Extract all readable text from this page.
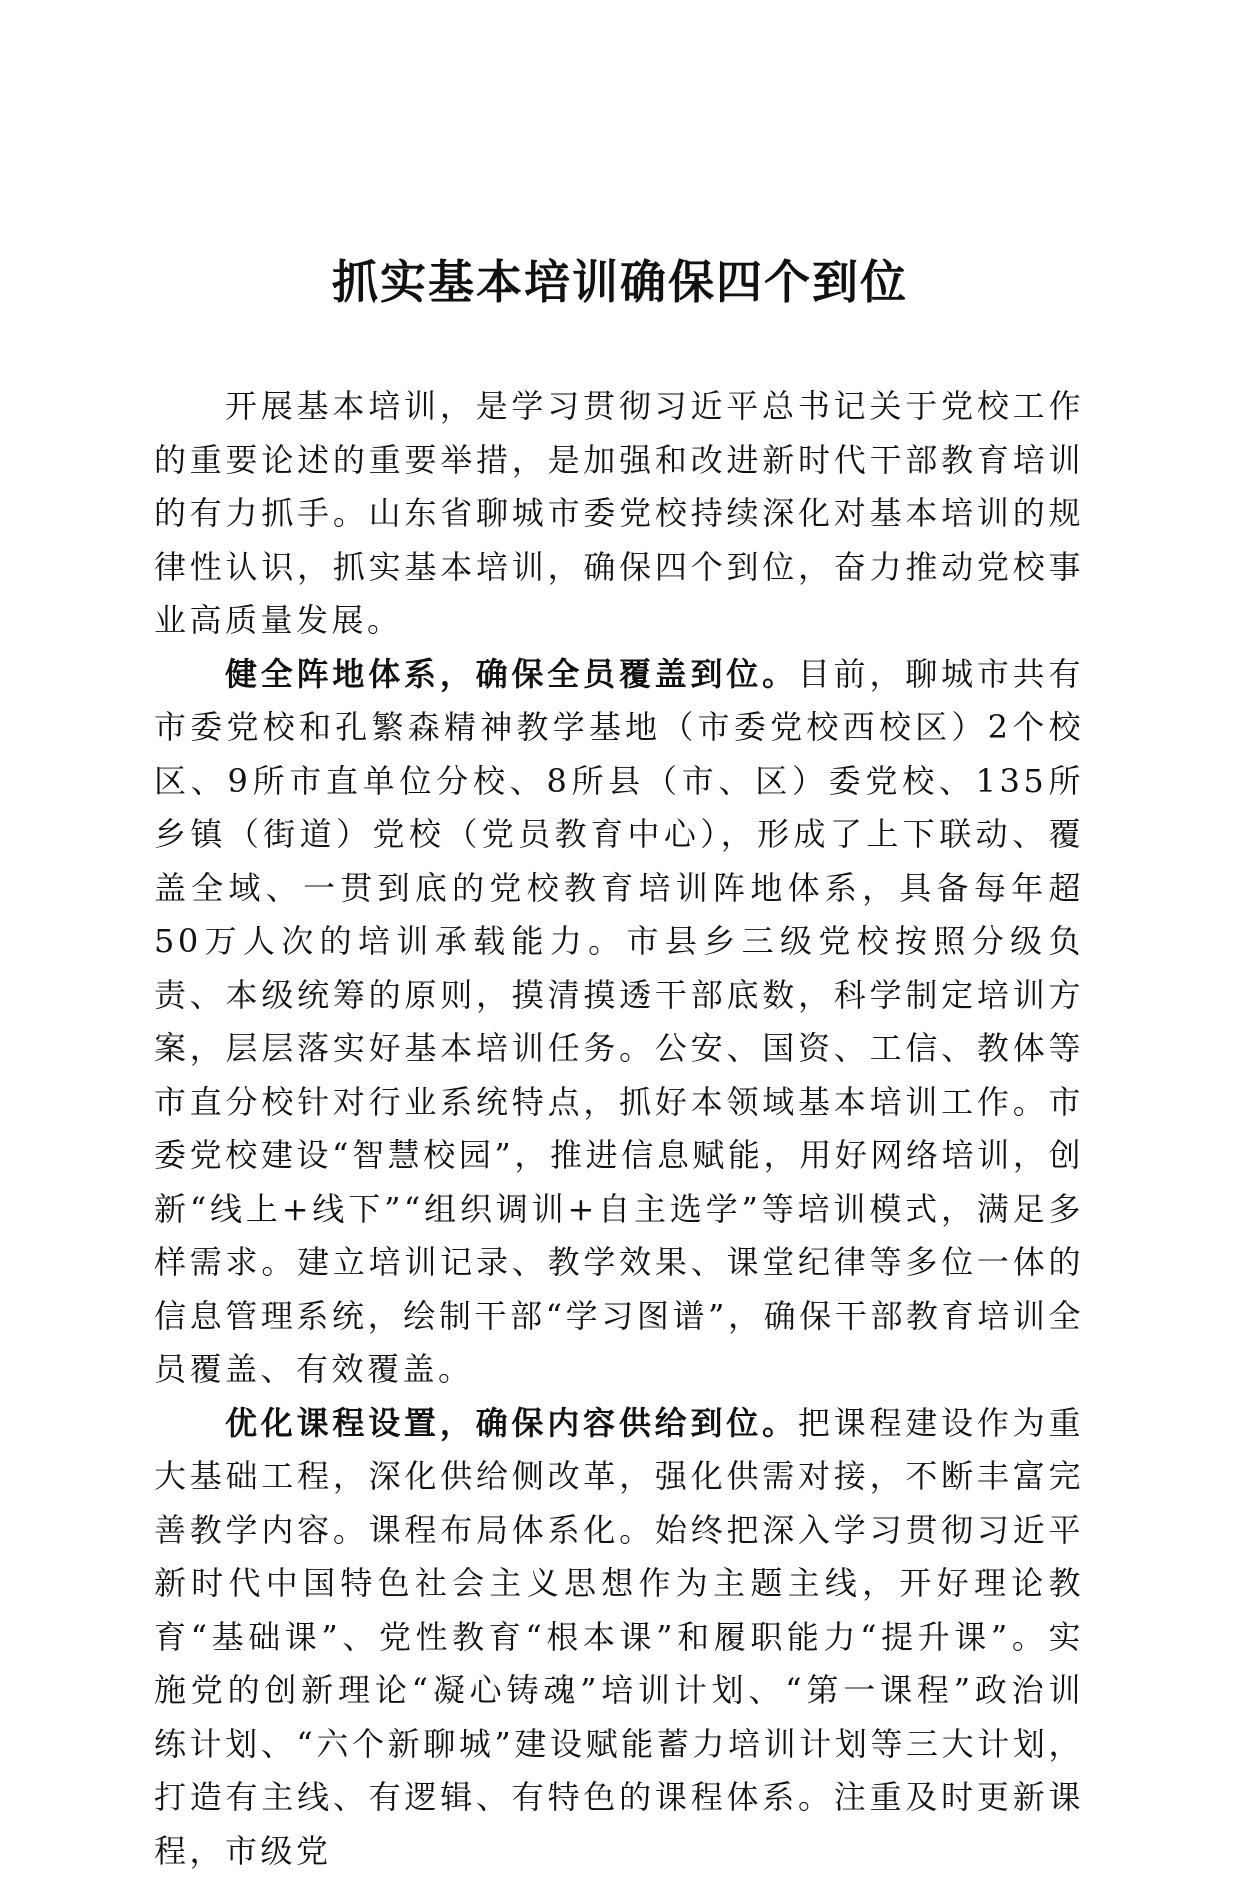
抓实基本培训确保四个到位

开展基本培训，是学习贯彻习近平总书记关于党校工作的重要论述的重要举措，是加强和改进新时代干部教育培训的有力抓手。山东省聊城市委党校持续深化对基本培训的规律性认识，抓实基本培训，确保四个到位，奋力推动党校事业高质量发展。

健全阵地体系，确保全员覆盖到位。目前，聊城市共有市委党校和孔繁森精神教学基地（市委党校西校区）2个校区、9所市直单位分校、8所县（市、区）委党校、135所乡镇（街道）党校（党员教育中心），形成了上下联动、覆盖全域、一贯到底的党校教育培训阵地体系，具备每年超50万人次的培训承载能力。市县乡三级党校按照分级负责、本级统筹的原则，摸清摸透干部底数，科学制定培训方案，层层落实好基本培训任务。公安、国资、工信、教体等市直分校针对行业系统特点，抓好本领域基本培训工作。市委党校建设“智慧校园”，推进信息赋能，用好网络培训，创新“线上+线下”“组织调训+自主选学”等培训模式，满足多样需求。建立培训记录、教学效果、课堂纪律等多位一体的信息管理系统，绘制干部“学习图谱”，确保干部教育培训全员覆盖、有效覆盖。

优化课程设置，确保内容供给到位。把课程建设作为重大基础工程，深化供给侧改革，强化供需对接，不断丰富完善教学内容。课程布局体系化。始终把深入学习贯彻习近平新时代中国特色社会主义思想作为主题主线，开好理论教育“基础课”、党性教育“根本课”和履职能力“提升课”。实施党的创新理论“凝心铸魂”培训计划、“第一课程”政治训练计划、“六个新聊城”建设赋能蓄力培训计划等三大计划，打造有主线、有逻辑、有特色的课程体系。注重及时更新课程，市级党
